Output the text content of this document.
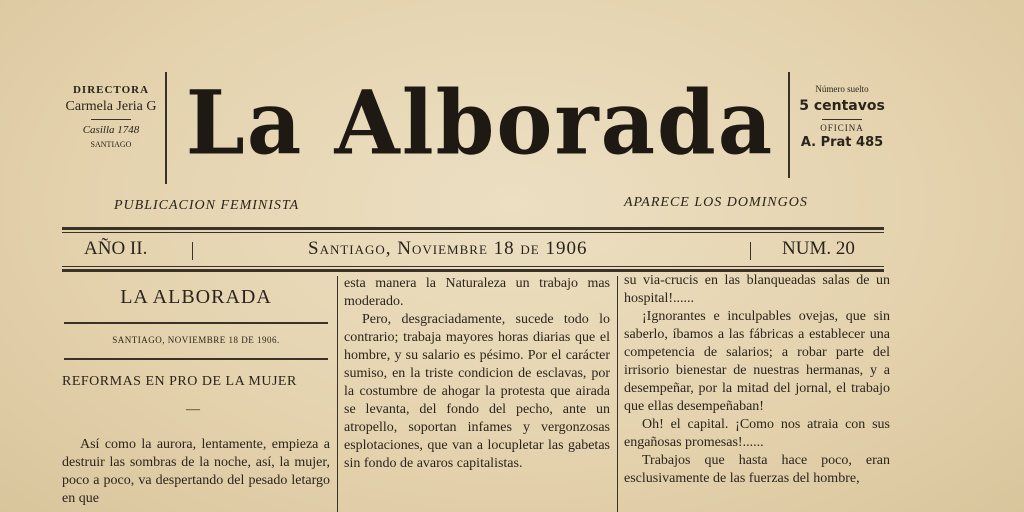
DIRECTORA
Carmela Jeria G
Casilla 1748
SANTIAGO La Alborada	Número suelto
5 centavos
OFICINA
A. Prat 485
PUBLICACION FEMINISTA	APARECE LOS DOMINGOS
AÑO II.	Santiago, Noviembre 18 de 1906	NUM. 20
LA ALBORADA
SANTIAGO, NOVIEMBRE 18 DE 1906.
REFORMAS EN PRO DE LA MUJER
—

Así como la aurora, lentamente, empieza a destruir las sombras de la noche, así, la mujer, poco a poco, va despertando del pesado letargo en que

esta manera la Naturaleza un trabajo mas moderado.

Pero, desgraciadamente, sucede todo lo contrario; trabaja mayores horas diarias que el hombre, y su salario es pésimo. Por el carácter sumiso, en la triste condicion de esclavas, por la costumbre de ahogar la protesta que airada se levanta, del fondo del pecho, ante un atropello, soportan infames y vergonzosas esplotaciones, que van a locupletar las gabetas sin fondo de avaros capitalistas.

su via-crucis en las blanqueadas salas de un hospital!......

¡Ignorantes e inculpables ovejas, que sin saberlo, íbamos a las fábricas a establecer una competencia de salarios; a robar parte del irrisorio bienestar de nuestras hermanas, y a desempeñar, por la mitad del jornal, el trabajo que ellas desempeñaban!

Oh! el capital. ¡Como nos atraia con sus engañosas promesas!......

Trabajos que hasta hace poco, eran esclusivamente de las fuerzas del hombre,
